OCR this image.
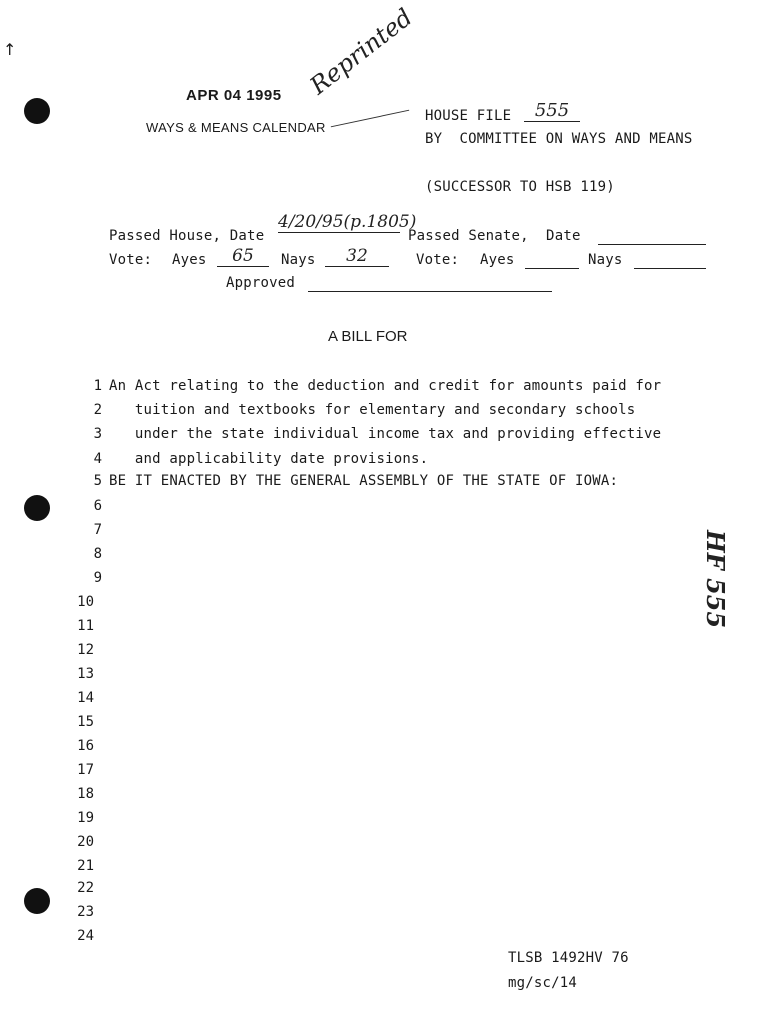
↑
APR 04 1995
WAYS & MEANS CALENDAR
Reprinted
HOUSE FILE	555
BY  COMMITTEE ON WAYS AND MEANS
(SUCCESSOR TO HSB 119)
Passed House, Date
4/20/95(p.1805)
Passed Senate,  Date
Vote: Ayes	65	Nays	32	Vote: Ayes	Nays
Approved
A BILL FOR
1
2
3
4
5
6
7
8
9
10
11
12
13
14
15
16
17
18
19
20
21
22
23
24
An Act relating to the deduction and credit for amounts paid for
tuition and textbooks for elementary and secondary schools
under the state individual income tax and providing effective
and applicability date provisions.
BE IT ENACTED BY THE GENERAL ASSEMBLY OF THE STATE OF IOWA:
HF 555
TLSB 1492HV 76
mg/sc/14
